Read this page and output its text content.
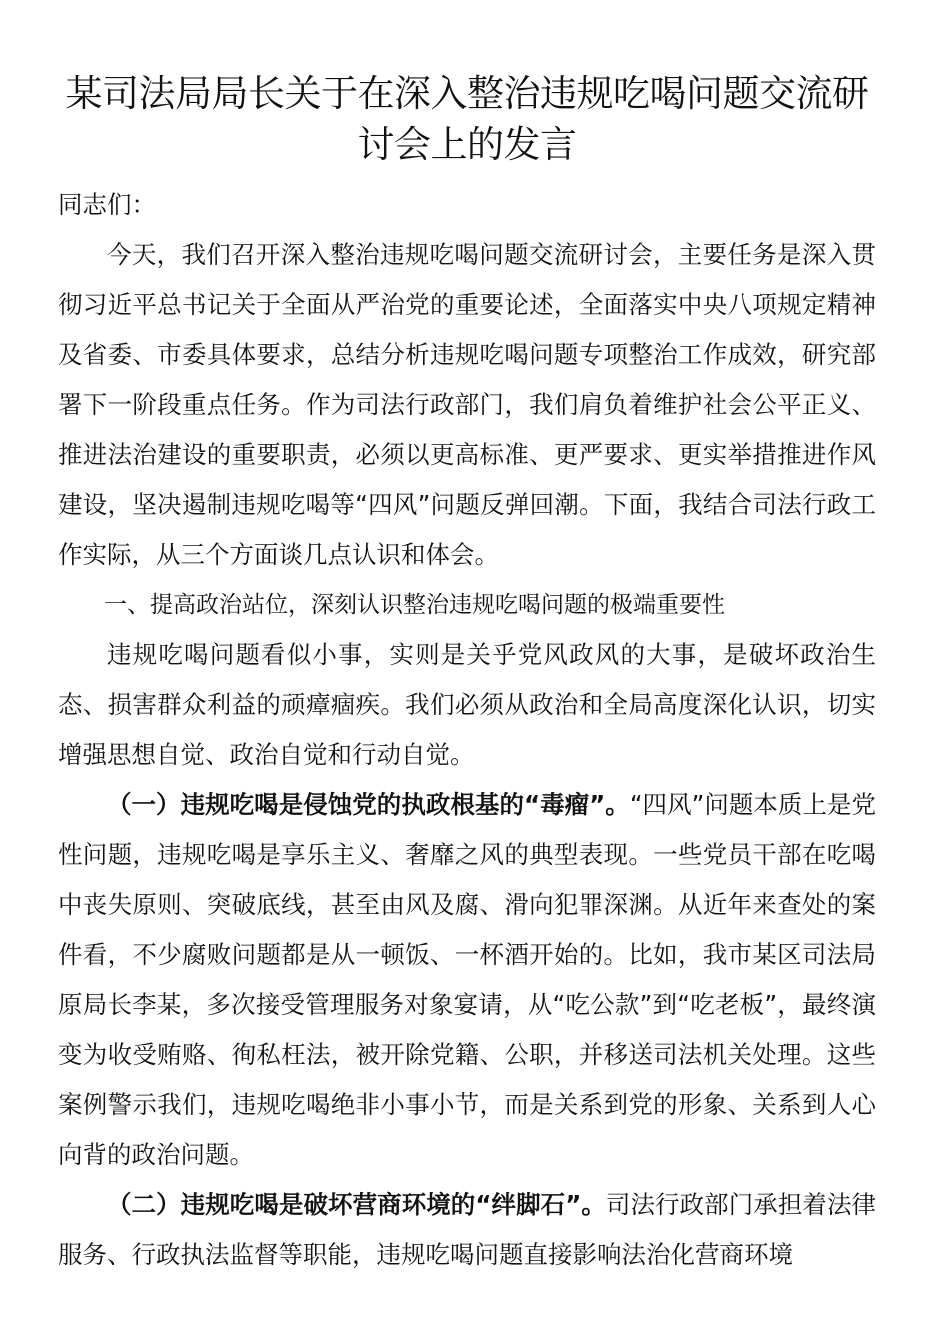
某司法局局长关于在深入整治违规吃喝问题交流研讨会上的发言

同志们：

今天，我们召开深入整治违规吃喝问题交流研讨会，主要任务是深入贯彻习近平总书记关于全面从严治党的重要论述，全面落实中央八项规定精神及省委、市委具体要求，总结分析违规吃喝问题专项整治工作成效，研究部署下一阶段重点任务。作为司法行政部门，我们肩负着维护社会公平正义、推进法治建设的重要职责，必须以更高标准、更严要求、更实举措推进作风建设，坚决遏制违规吃喝等“四风”问题反弹回潮。下面，我结合司法行政工作实际，从三个方面谈几点认识和体会。

一、提高政治站位，深刻认识整治违规吃喝问题的极端重要性

违规吃喝问题看似小事，实则是关乎党风政风的大事，是破坏政治生态、损害群众利益的顽瘴痼疾。我们必须从政治和全局高度深化认识，切实增强思想自觉、政治自觉和行动自觉。

（一）违规吃喝是侵蚀党的执政根基的“毒瘤”。“四风”问题本质上是党性问题，违规吃喝是享乐主义、奢靡之风的典型表现。一些党员干部在吃喝中丧失原则、突破底线，甚至由风及腐、滑向犯罪深渊。从近年来查处的案件看，不少腐败问题都是从一顿饭、一杯酒开始的。比如，我市某区司法局原局长李某，多次接受管理服务对象宴请，从“吃公款”到“吃老板”，最终演变为收受贿赂、徇私枉法，被开除党籍、公职，并移送司法机关处理。这些案例警示我们，违规吃喝绝非小事小节，而是关系到党的形象、关系到人心向背的政治问题。

（二）违规吃喝是破坏营商环境的“绊脚石”。司法行政部门承担着法律服务、行政执法监督等职能，违规吃喝问题直接影响法治化营商环境
